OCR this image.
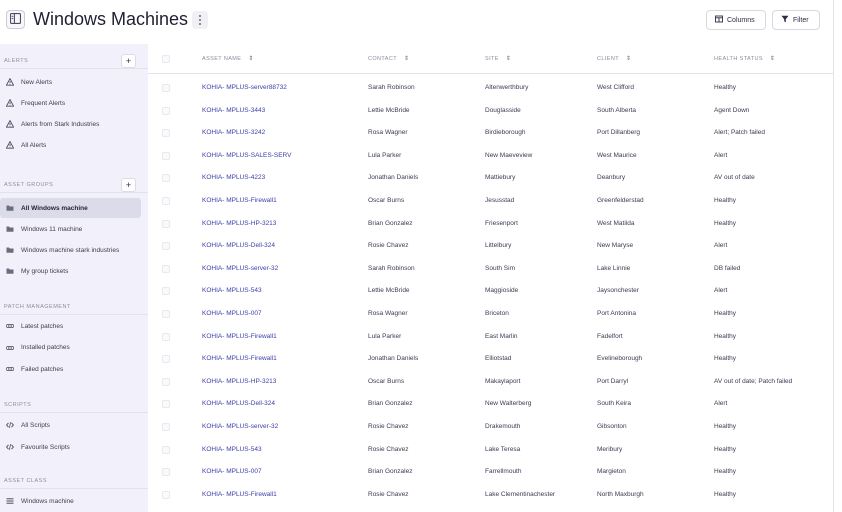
Windows Machines	Columns	Filter
ALERTS	+
New Alerts
Frequent Alerts
Alerts from Stark Industries
All Alerts
ASSET GROUPS	+
All Windows machine
Windows 11 machine
Windows machine stark industries
My group tickets
PATCH MANAGEMENT
Latest patches
Installed patches
Failed patches
SCRIPTS
All Scripts
Favourite Scripts
ASSET CLASS
Windows machine
ASSET NAME ⇕	CONTACT ⇕	SITE ⇕	CLIENT ⇕	HEALTH STATUS ⇕
KOHIA- MPLUS-server88732	Sarah Robinson	Altenwerthbury	West Clifford	Healthy
KOHIA- MPLUS-3443	Lettie McBride	Douglasside	South Alberta	Agent Down
KOHIA- MPLUS-3242	Rosa Wagner	Birdieborough	Port Dillanberg	Alert; Patch failed
KOHIA- MPLUS-SALES-SERV	Lula Parker	New Maeveview	West Maurice	Alert
KOHIA- MPLUS-4223	Jonathan Daniels	Mattiebury	Deanbury	AV out of date
KOHIA- MPLUS-Firewall1	Oscar Burns	Jesusstad	Greenfelderstad	Healthy
KOHIA- MPLUS-HP-3213	Brian Gonzalez	Friesenport	West Matilda	Healthy
KOHIA- MPLUS-Dell-324	Rosie Chavez	Littelbury	New Maryse	Alert
KOHIA- MPLUS-server-32	Sarah Robinson	South Sim	Lake Linnie	DB failed
KOHIA- MPLUS-543	Lettie McBride	Maggioside	Jaysonchester	Alert
KOHIA- MPLUS-007	Rosa Wagner	Briceton	Port Antonina	Healthy
KOHIA- MPLUS-Firewall1	Lula Parker	East Marlin	Fadelfort	Healthy
KOHIA- MPLUS-Firewall1	Jonathan Daniels	Elliotstad	Evelineborough	Healthy
KOHIA- MPLUS-HP-3213	Oscar Burns	Makaylaport	Port Darryl	AV out of date; Patch failed
KOHIA- MPLUS-Dell-324	Brian Gonzalez	New Walterberg	South Keira	Alert
KOHIA- MPLUS-server-32	Rosie Chavez	Drakemouth	Gibsonton	Healthy
KOHIA- MPLUS-543	Rosie Chavez	Lake Teresa	Meribury	Healthy
KOHIA- MPLUS-007	Brian Gonzalez	Farrellmouth	Margieton	Healthy
KOHIA- MPLUS-Firewall1	Rosie Chavez	Lake Clementinachester	North Maxburgh	Healthy
